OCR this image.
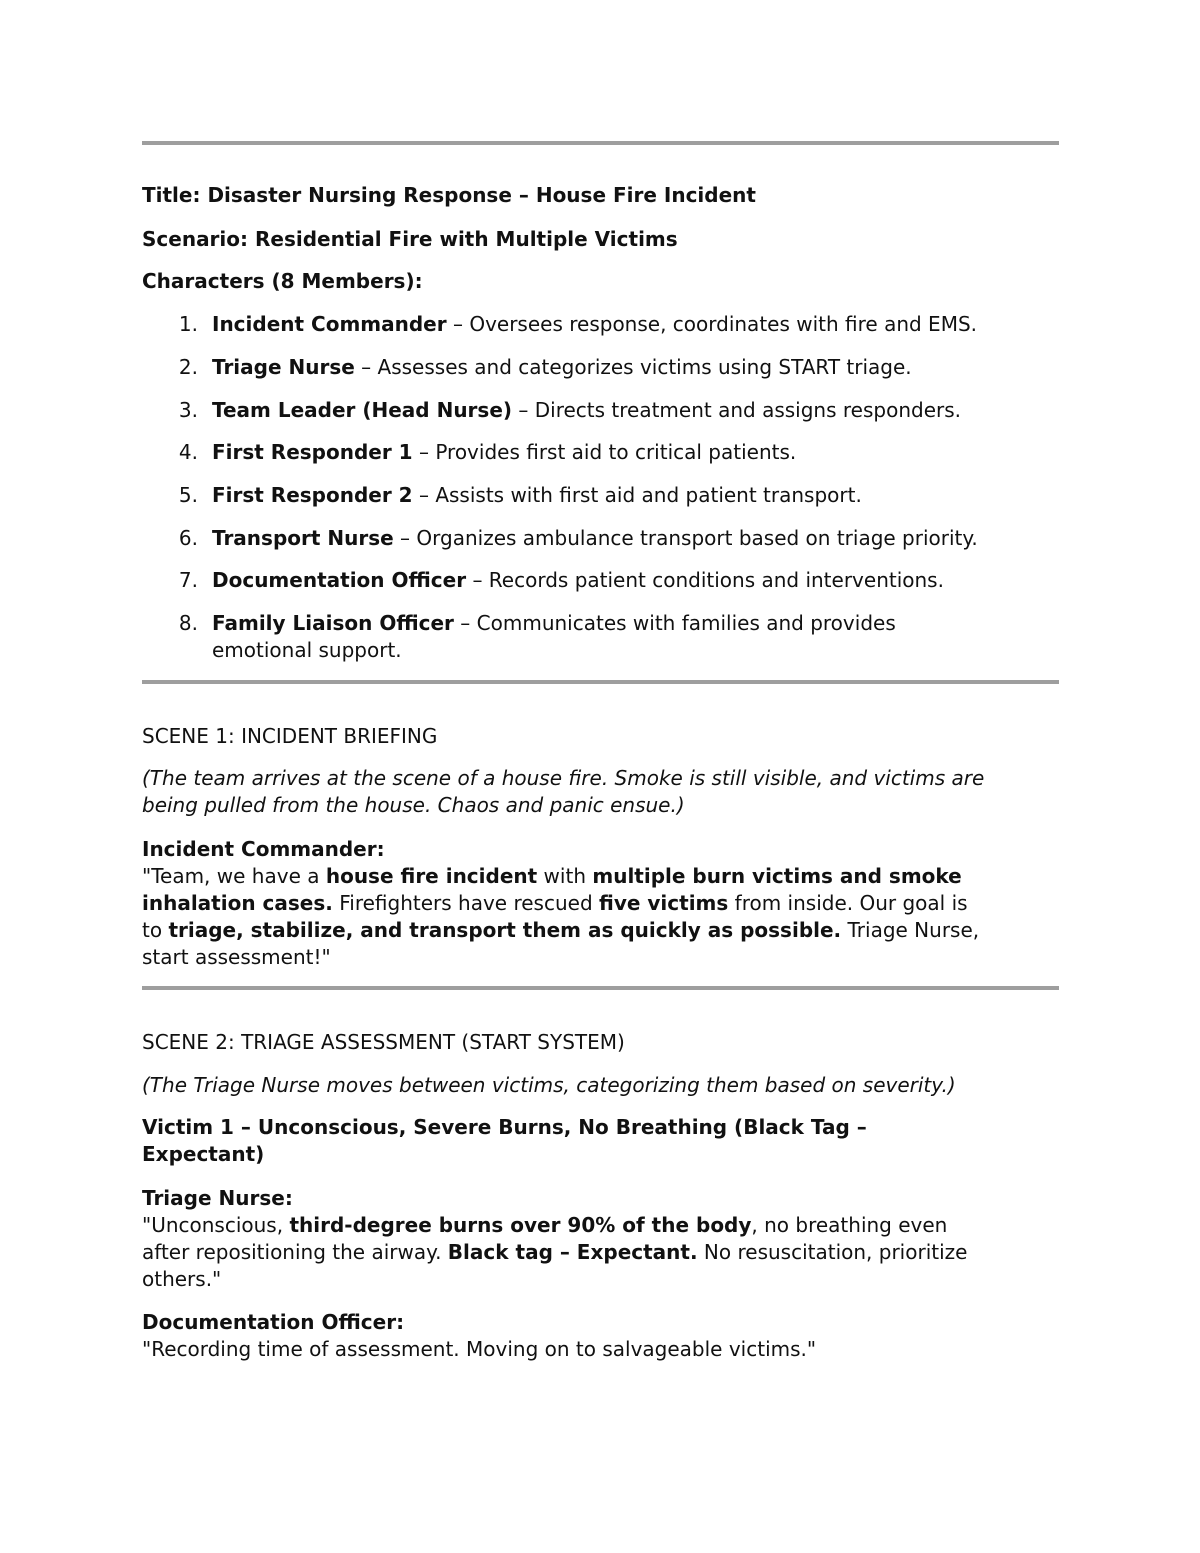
Title: Disaster Nursing Response – House Fire Incident
Scenario: Residential Fire with Multiple Victims
Characters (8 Members):
1. Incident Commander – Oversees response, coordinates with fire and EMS.
2. Triage Nurse – Assesses and categorizes victims using START triage.
3. Team Leader (Head Nurse) – Directs treatment and assigns responders.
4. First Responder 1 – Provides first aid to critical patients.
5. First Responder 2 – Assists with first aid and patient transport.
6. Transport Nurse – Organizes ambulance transport based on triage priority.
7. Documentation Officer – Records patient conditions and interventions.
8. Family Liaison Officer – Communicates with families and provides
emotional support.
SCENE 1: INCIDENT BRIEFING
(The team arrives at the scene of a house fire. Smoke is still visible, and victims are
being pulled from the house. Chaos and panic ensue.)
Incident Commander:
"Team, we have a house fire incident with multiple burn victims and smoke
inhalation cases. Firefighters have rescued five victims from inside. Our goal is
to triage, stabilize, and transport them as quickly as possible. Triage Nurse,
start assessment!"
SCENE 2: TRIAGE ASSESSMENT (START SYSTEM)
(The Triage Nurse moves between victims, categorizing them based on severity.)
Victim 1 – Unconscious, Severe Burns, No Breathing (Black Tag –
Expectant)
Triage Nurse:
"Unconscious, third-degree burns over 90% of the body, no breathing even
after repositioning the airway. Black tag – Expectant. No resuscitation, prioritize
others."
Documentation Officer:
"Recording time of assessment. Moving on to salvageable victims."
